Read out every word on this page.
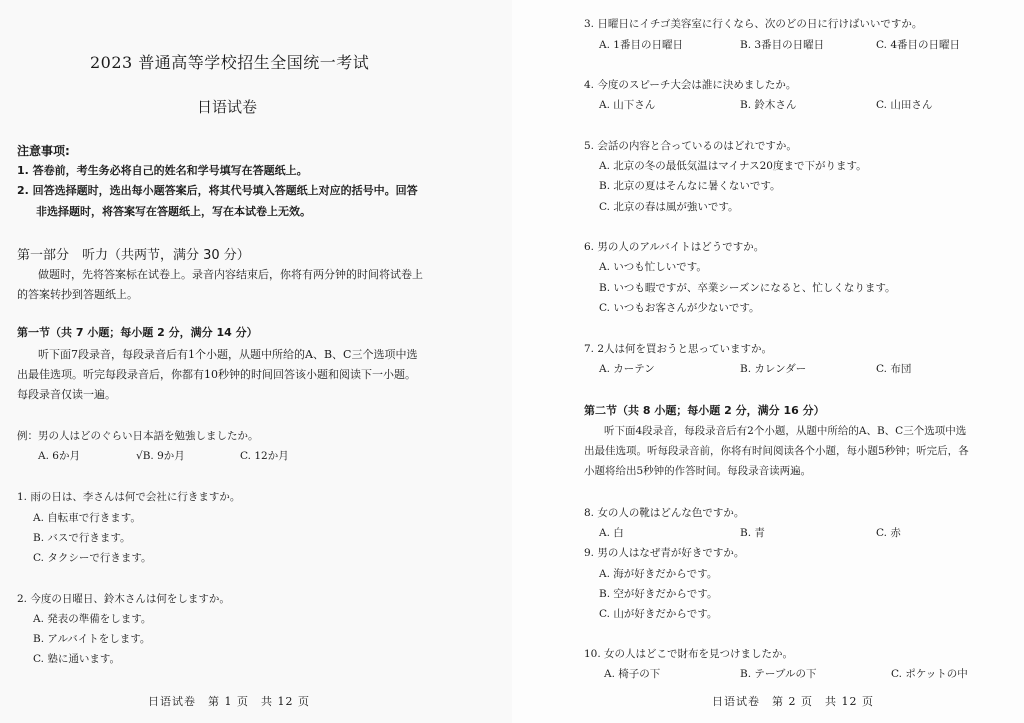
2023 普通高等学校招生全国统一考试
日语试卷
注意事项:
1. 答卷前，考生务必将自己的姓名和学号填写在答题纸上。
2. 回答选择题时，选出每小题答案后，将其代号填入答题纸上对应的括号中。回答
非选择题时，将答案写在答题纸上，写在本试卷上无效。
第一部分　听力（共两节，满分 30 分）
做题时，先将答案标在试卷上。录音内容结束后，你将有两分钟的时间将试卷上
的答案转抄到答题纸上。
第一节（共 7 小题；每小题 2 分，满分 14 分）
听下面7段录音，每段录音后有1个小题，从题中所给的A、B、C三个选项中选
出最佳选项。听完每段录音后，你都有10秒钟的时间回答该小题和阅读下一小题。
每段录音仅读一遍。
例：男の人はどのぐらい日本語を勉強しましたか。
A. 6か月	√B. 9か月	C. 12か月
1. 雨の日は、李さんは何で会社に行きますか。
A. 自転車で行きます。
B. バスで行きます。
C. タクシーで行きます。
2. 今度の日曜日、鈴木さんは何をしますか。
A. 発表の準備をします。
B. アルバイトをします。
C. 塾に通います。
日语试卷　第 1 页　共 12 页
3. 日曜日にイチゴ美容室に行くなら、次のどの日に行けばいいですか。
A. 1番目の日曜日	B. 3番目の日曜日	C. 4番目の日曜日
4. 今度のスピーチ大会は誰に決めましたか。
A. 山下さん	B. 鈴木さん	C. 山田さん
5. 会話の内容と合っているのはどれですか。
A. 北京の冬の最低気温はマイナス20度まで下がります。
B. 北京の夏はそんなに暑くないです。
C. 北京の春は風が強いです。
6. 男の人のアルバイトはどうですか。
A. いつも忙しいです。
B. いつも暇ですが、卒業シーズンになると、忙しくなります。
C. いつもお客さんが少ないです。
7. 2人は何を買おうと思っていますか。
A. カーテン	B. カレンダー	C. 布団
第二节（共 8 小题；每小题 2 分，满分 16 分）
听下面4段录音，每段录音后有2个小题，从题中所给的A、B、C三个选项中选
出最佳选项。听每段录音前，你将有时间阅读各个小题，每小题5秒钟；听完后，各
小题将给出5秒钟的作答时间。每段录音读两遍。
8. 女の人の靴はどんな色ですか。
A. 白	B. 青	C. 赤
9. 男の人はなぜ青が好きですか。
A. 海が好きだからです。
B. 空が好きだからです。
C. 山が好きだからです。
10. 女の人はどこで財布を見つけましたか。
A. 椅子の下	B. テーブルの下	C. ポケットの中
日语试卷　第 2 页　共 12 页
